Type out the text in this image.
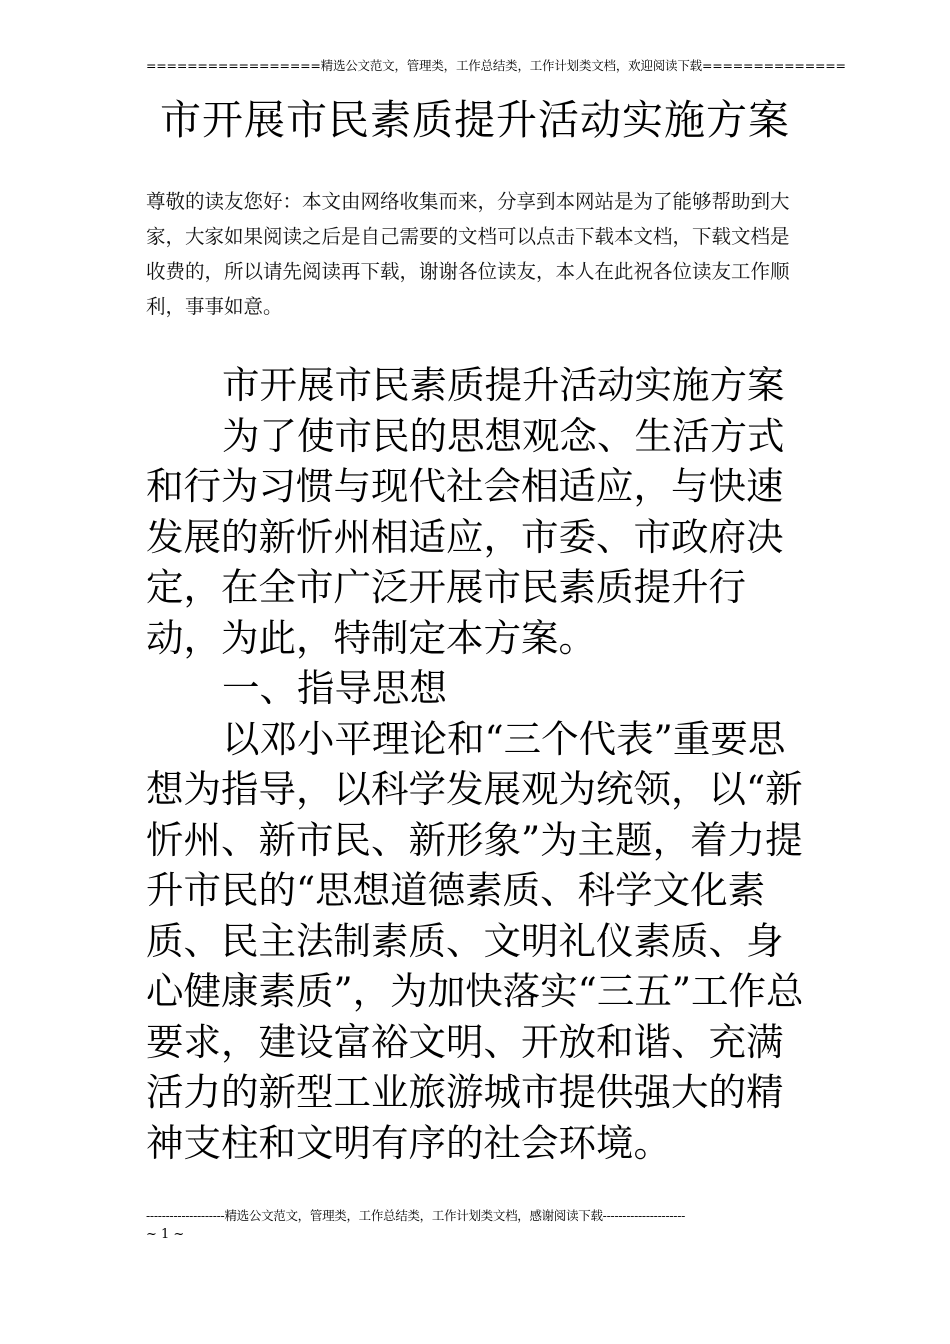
=================精选公文范文，管理类，工作总结类，工作计划类文档，欢迎阅读下载==============
市开展市民素质提升活动实施方案
尊敬的读友您好：本文由网络收集而来，分享到本网站是为了能够帮助到大家，大家如果阅读之后是自己需要的文档可以点击下载本文档，下载文档是收费的，所以请先阅读再下载，谢谢各位读友，本人在此祝各位读友工作顺利，事事如意。

市开展市民素质提升活动实施方案

为了使市民的思想观念、生活方式和行为习惯与现代社会相适应，与快速发展的新忻州相适应，市委、市政府决定，在全市广泛开展市民素质提升行动，为此，特制定本方案。

一、指导思想

以邓小平理论和“三个代表”重要思想为指导，以科学发展观为统领，以“新忻州、新市民、新形象”为主题，着力提升市民的“思想道德素质、科学文化素质、民主法制素质、文明礼仪素质、身心健康素质”，为加快落实“三五”工作总要求，建设富裕文明、开放和谐、充满活力的新型工业旅游城市提供强大的精神支柱和文明有序的社会环境。

--------------------精选公文范文，管理类，工作总结类，工作计划类文档，感谢阅读下载---------------------
~ 1 ~
